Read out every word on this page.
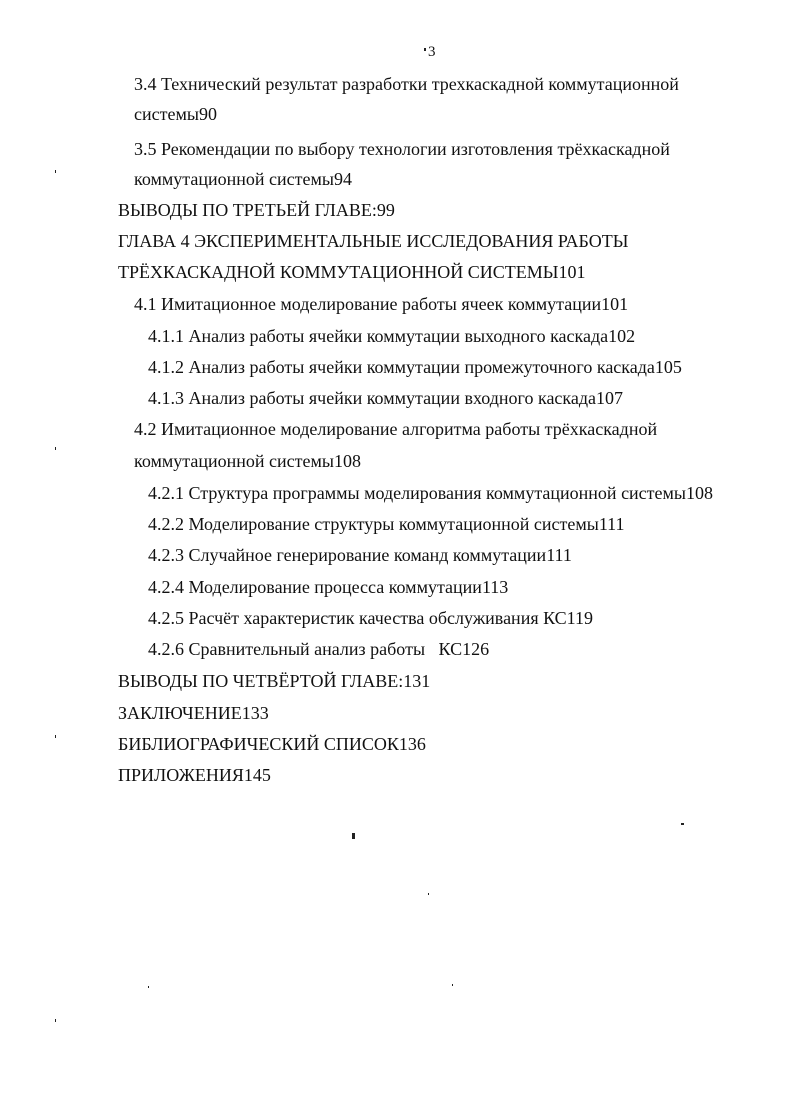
3
3.4 Технический результат разработки трехкаскадной коммутационной
системы 90
3.5 Рекомендации по выбору технологии изготовления трёхкаскадной
коммутационной системы 94
ВЫВОДЫ ПО ТРЕТЬЕЙ ГЛАВЕ: 99
ГЛАВА 4 ЭКСПЕРИМЕНТАЛЬНЫЕ ИССЛЕДОВАНИЯ РАБОТЫ
ТРЁХКАСКАДНОЙ КОММУТАЦИОННОЙ СИСТЕМЫ 101
4.1 Имитационное моделирование работы ячеек коммутации 101
4.1.1 Анализ работы ячейки коммутации выходного каскада 102
4.1.2 Анализ работы ячейки коммутации промежуточного каскада 105
4.1.3 Анализ работы ячейки коммутации входного каскада 107
4.2 Имитационное моделирование алгоритма работы трёхкаскадной
коммутационной системы 108
4.2.1 Структура программы моделирования коммутационной системы 108
4.2.2 Моделирование структуры коммутационной системы 111
4.2.3 Случайное генерирование команд коммутации 111
4.2.4 Моделирование процесса коммутации 113
4.2.5 Расчёт характеристик качества обслуживания КС 119
4.2.6 Сравнительный анализ работы   КС 126
ВЫВОДЫ ПО ЧЕТВЁРТОЙ ГЛАВЕ: 131
ЗАКЛЮЧЕНИЕ 133
БИБЛИОГРАФИЧЕСКИЙ СПИСОК 136
ПРИЛОЖЕНИЯ 145
